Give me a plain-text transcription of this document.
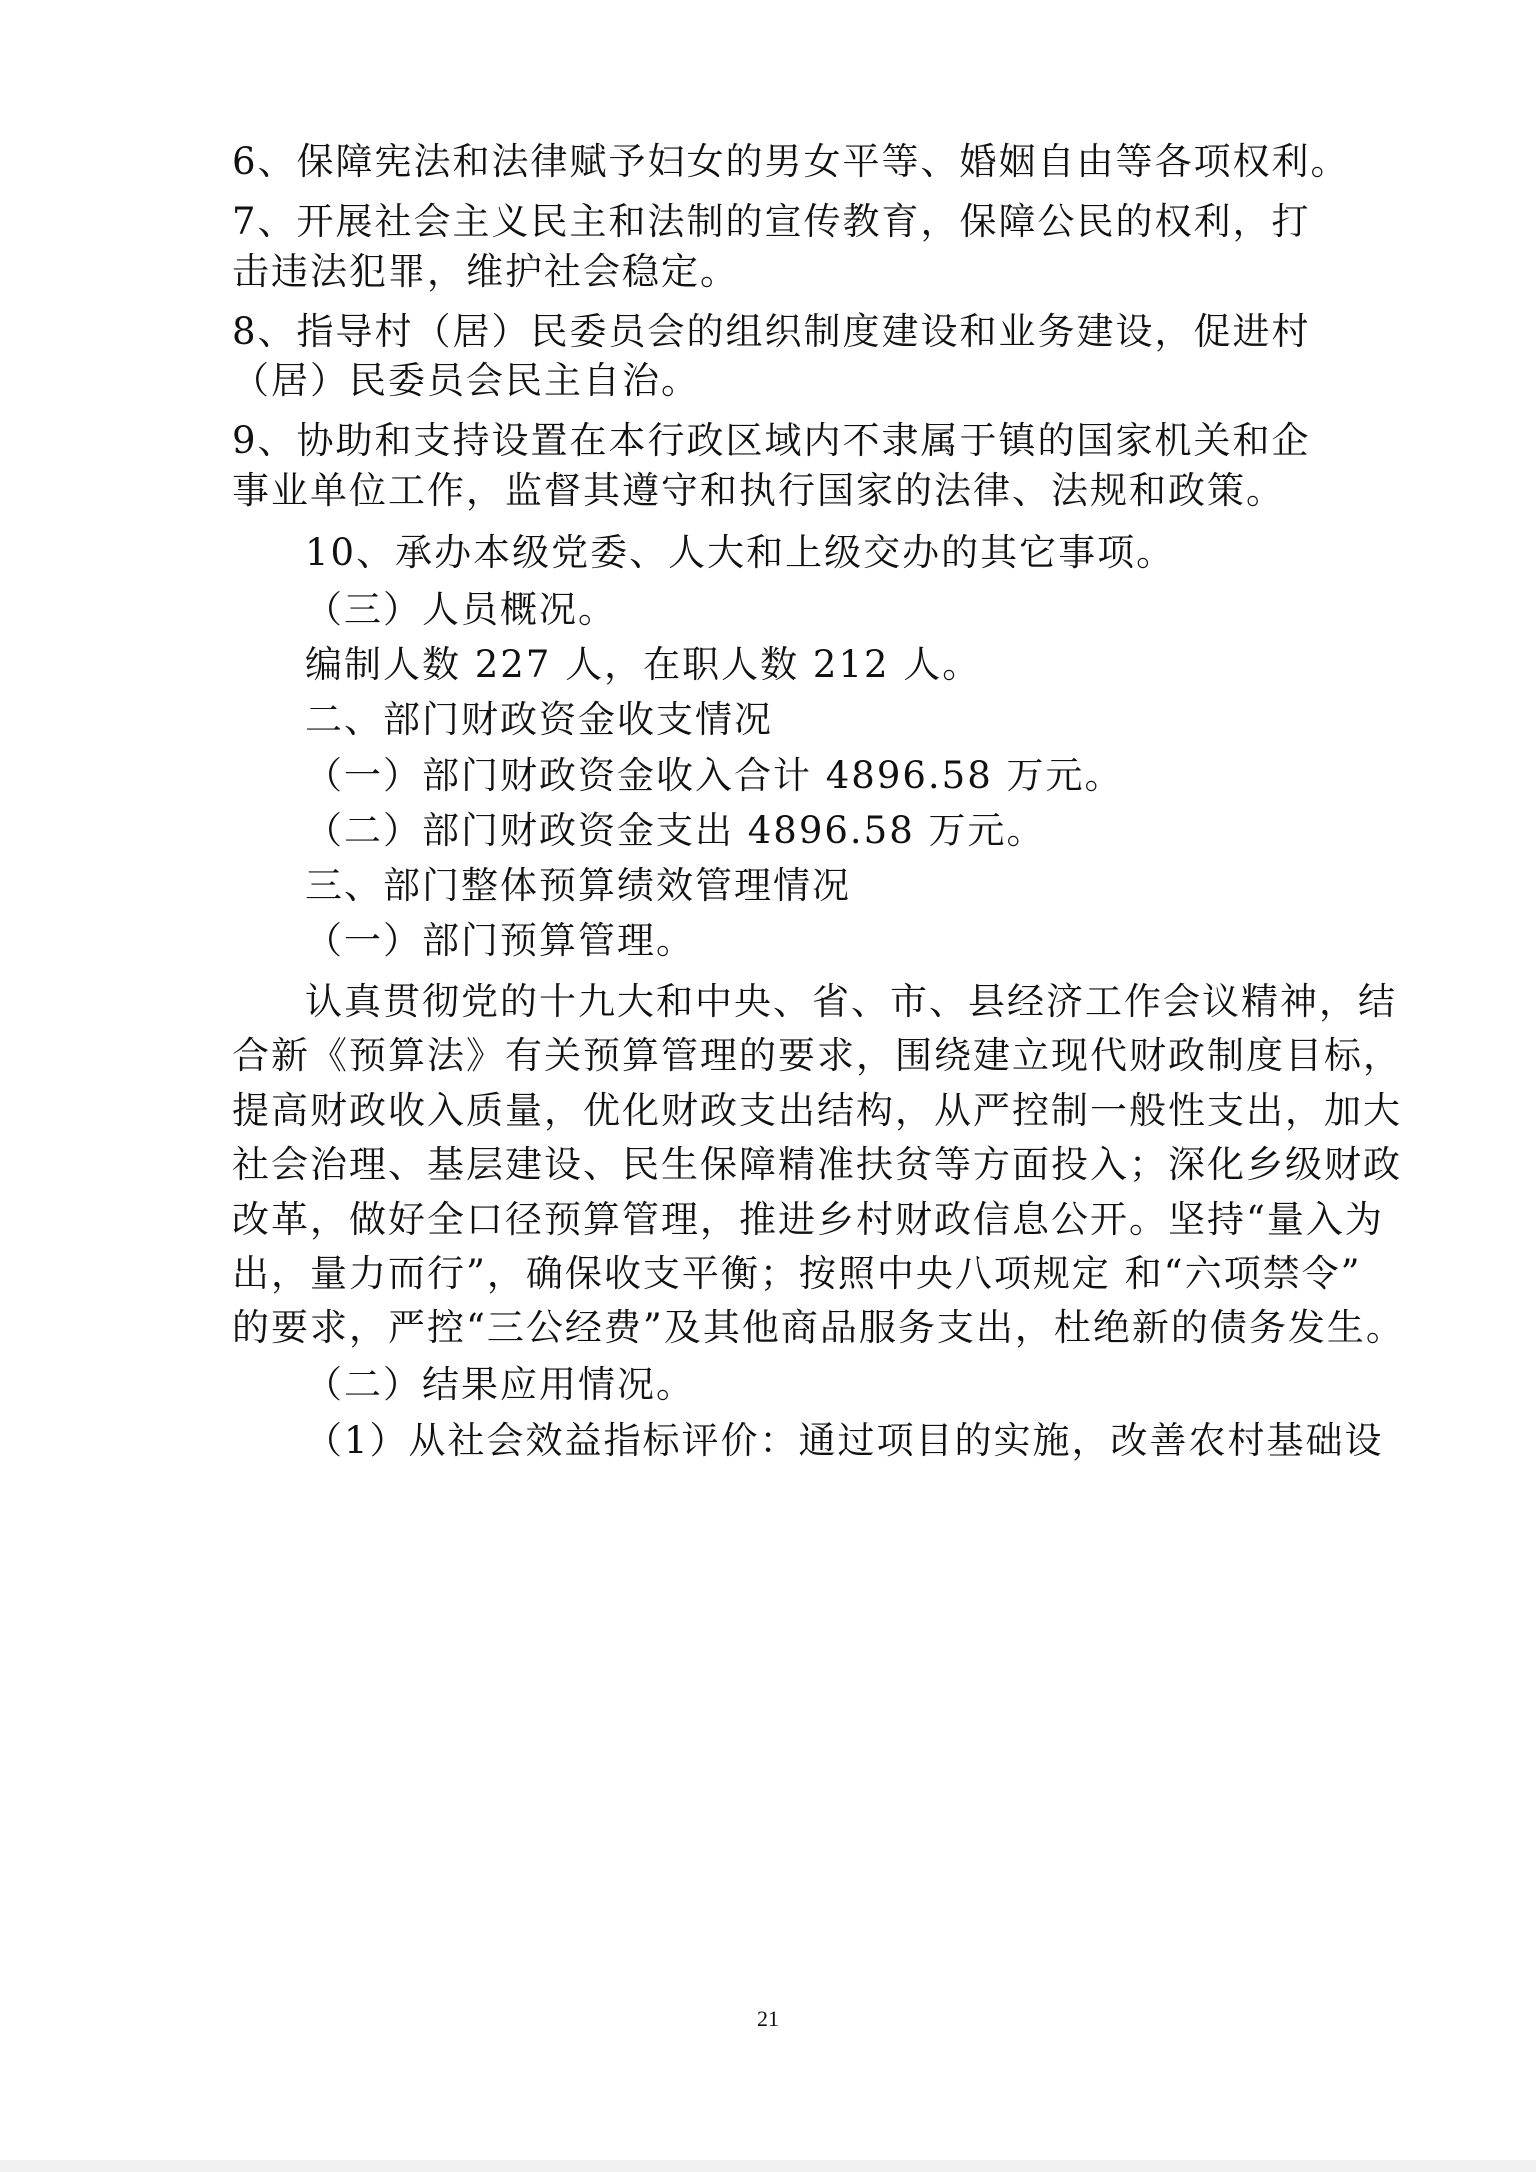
6、保障宪法和法律赋予妇女的男女平等、婚姻自由等各项权利。
7、开展社会主义民主和法制的宣传教育，保障公民的权利，打
击违法犯罪，维护社会稳定。
8、指导村（居）民委员会的组织制度建设和业务建设，促进村
（居）民委员会民主自治。
9、协助和支持设置在本行政区域内不隶属于镇的国家机关和企
事业单位工作，监督其遵守和执行国家的法律、法规和政策。
10、承办本级党委、人大和上级交办的其它事项。
（三）人员概况。
编制人数 227 人，在职人数 212 人。
二、部门财政资金收支情况
（一）部门财政资金收入合计 4896.58 万元。
（二）部门财政资金支出 4896.58 万元。
三、部门整体预算绩效管理情况
（一）部门预算管理。
认真贯彻党的十九大和中央、省、市、县经济工作会议精神，结
合新《预算法》有关预算管理的要求，围绕建立现代财政制度目标，
提高财政收入质量，优化财政支出结构，从严控制一般性支出，加大
社会治理、基层建设、民生保障精准扶贫等方面投入；深化乡级财政
改革，做好全口径预算管理，推进乡村财政信息公开。坚持“量入为
出，量力而行”，确保收支平衡；按照中央八项规定 和“六项禁令”
的要求，严控“三公经费”及其他商品服务支出，杜绝新的债务发生。
（二）结果应用情况。
（1）从社会效益指标评价：通过项目的实施，改善农村基础设
21
